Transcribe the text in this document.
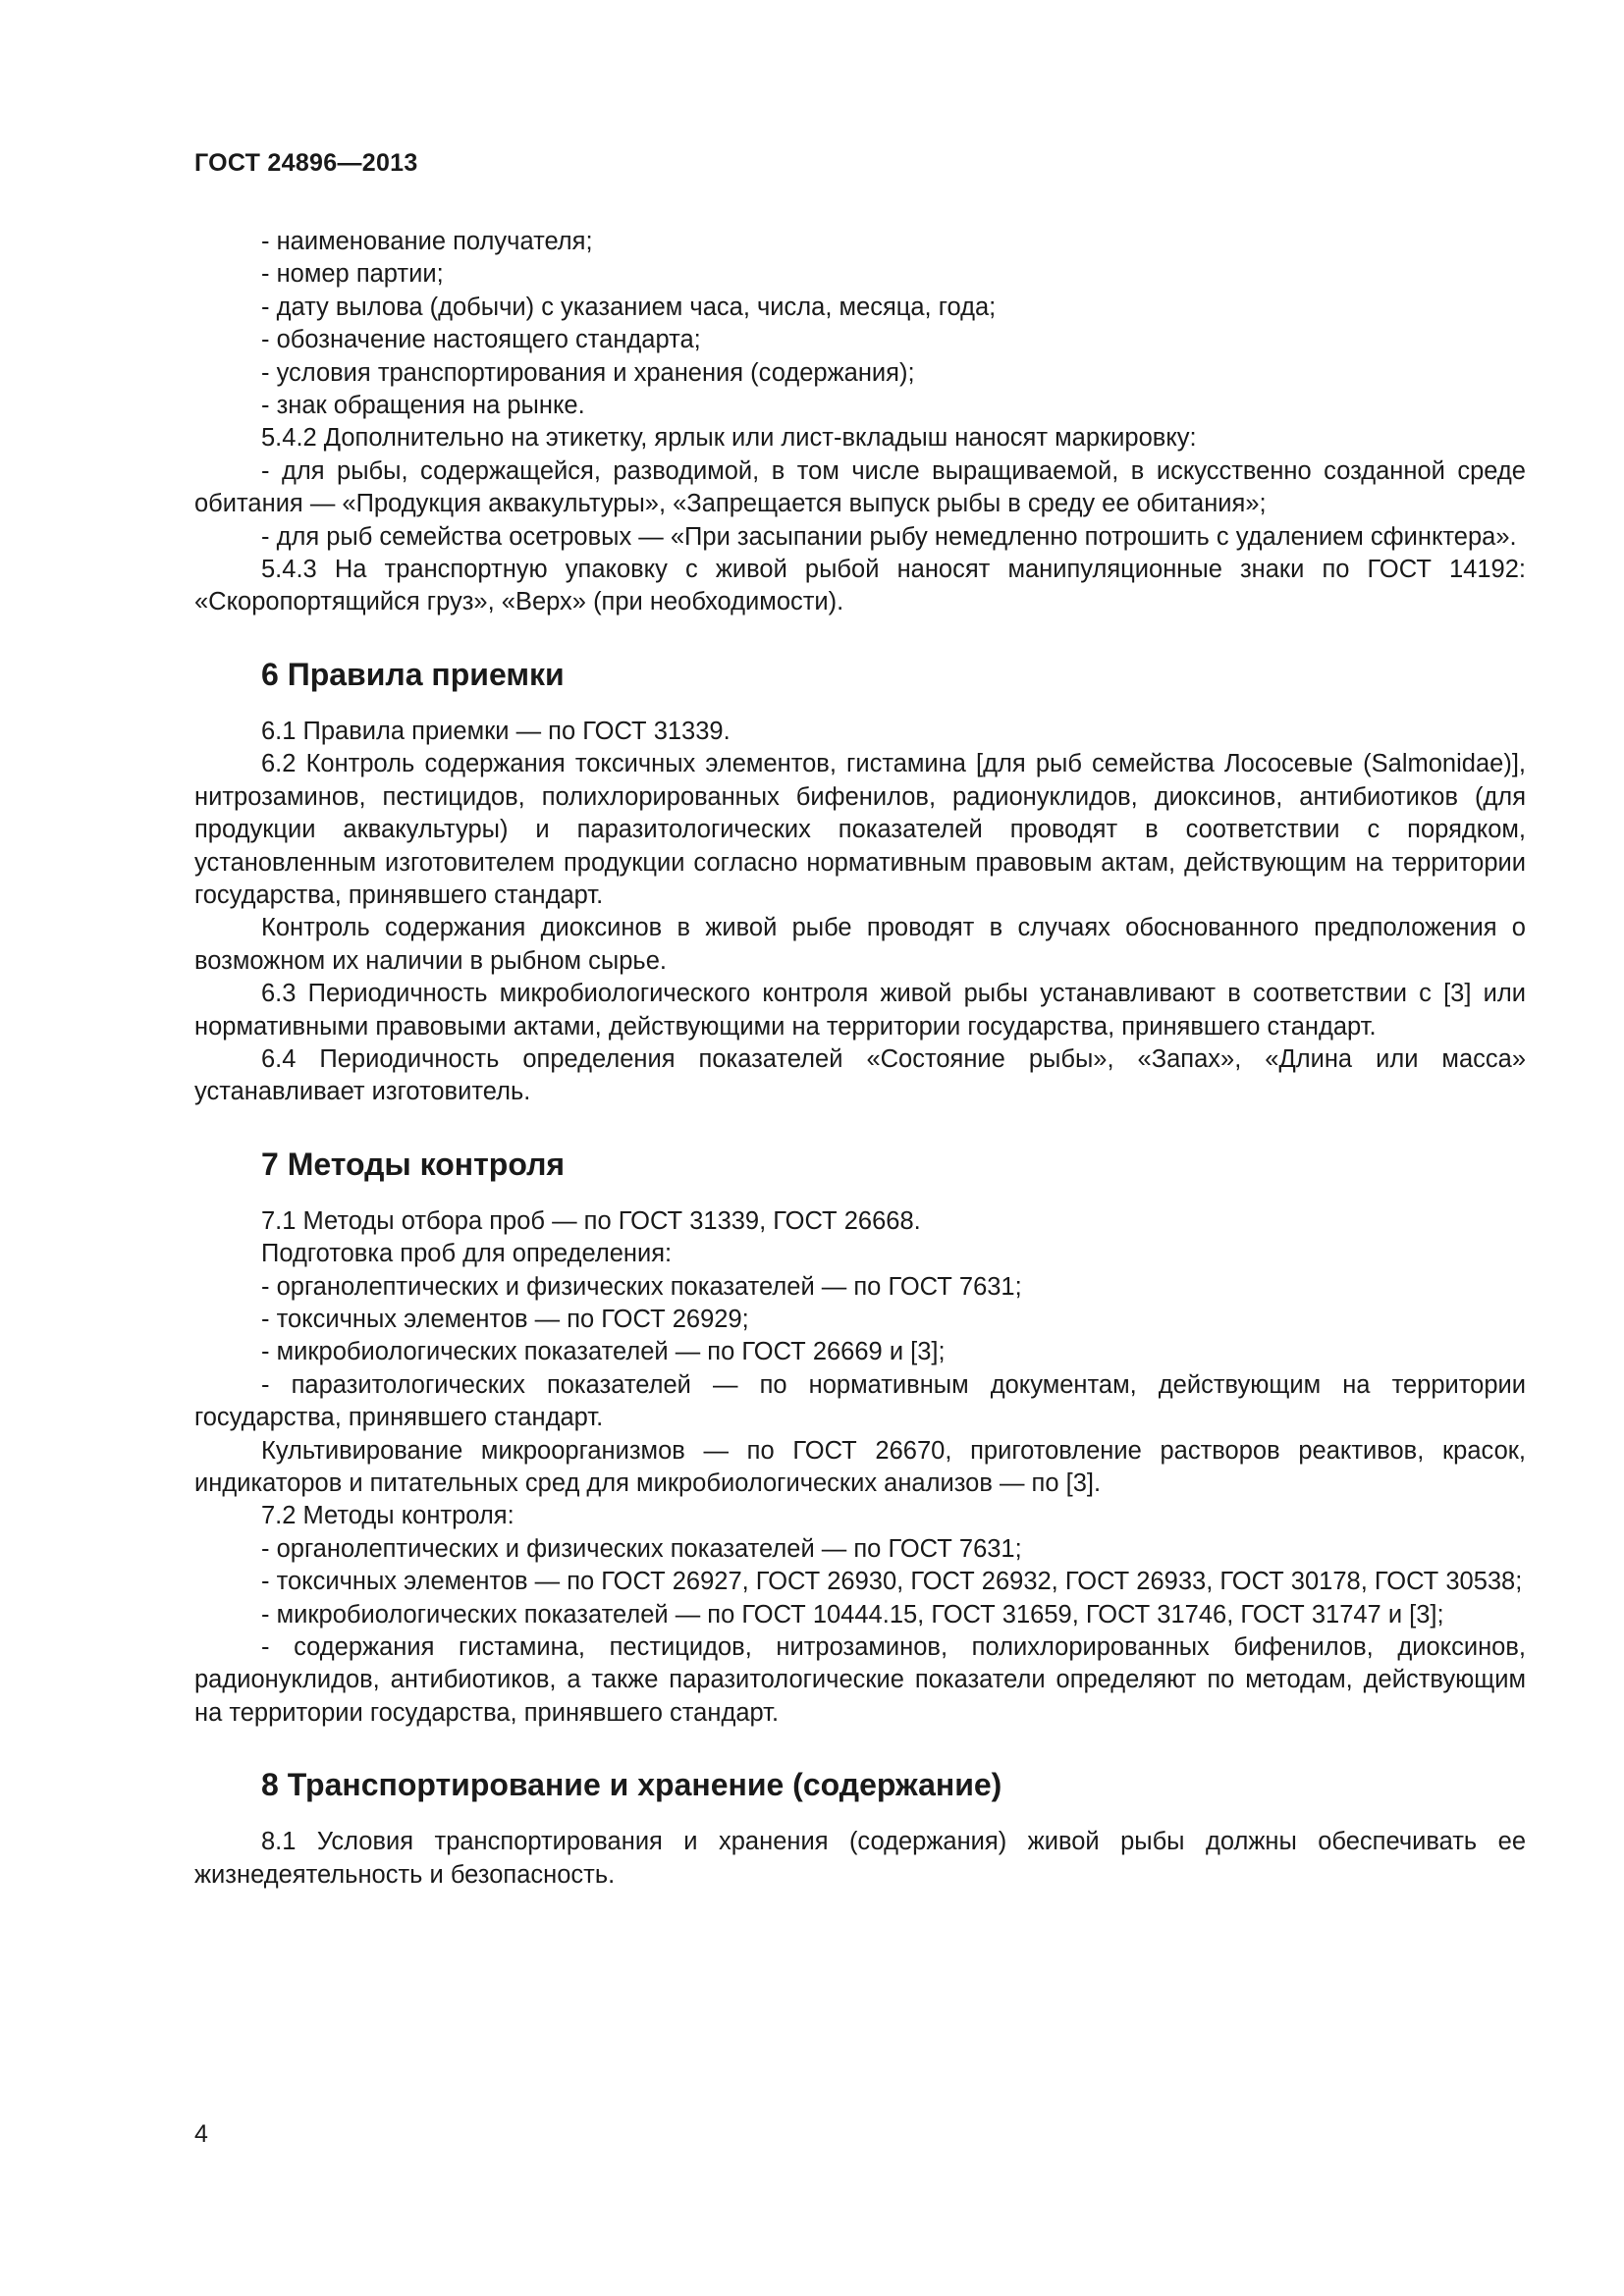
ГОСТ 24896—2013

- наименование получателя;

- номер партии;

- дату вылова (добычи) с указанием часа, числа, месяца, года;

- обозначение настоящего стандарта;

- условия транспортирования и хранения (содержания);

- знак обращения на рынке.

5.4.2 Дополнительно на этикетку, ярлык или лист-вкладыш наносят маркировку:

- для рыбы, содержащейся, разводимой, в том числе выращиваемой, в искусственно созданной среде обитания — «Продукция аквакультуры», «Запрещается выпуск рыбы в среду ее обитания»;

- для рыб семейства осетровых — «При засыпании рыбу немедленно потрошить с удалением сфинктера».

5.4.3 На транспортную упаковку с живой рыбой наносят манипуляционные знаки по ГОСТ 14192: «Скоропортящийся груз», «Верх» (при необходимости).

6 Правила приемки

6.1 Правила приемки — по ГОСТ 31339.

6.2 Контроль содержания токсичных элементов, гистамина [для рыб семейства Лососевые (Salmonidae)], нитрозаминов, пестицидов, полихлорированных бифенилов, радионуклидов, диоксинов, антибиотиков (для продукции аквакультуры) и паразитологических показателей проводят в соответствии с порядком, установленным изготовителем продукции согласно нормативным правовым актам, действующим на территории государства, принявшего стандарт.

Контроль содержания диоксинов в живой рыбе проводят в случаях обоснованного предположения о возможном их наличии в рыбном сырье.

6.3 Периодичность микробиологического контроля живой рыбы устанавливают в соответствии с [3] или нормативными правовыми актами, действующими на территории государства, принявшего стандарт.

6.4 Периодичность определения показателей «Состояние рыбы», «Запах», «Длина или масса» устанавливает изготовитель.

7 Методы контроля

7.1 Методы отбора проб — по ГОСТ 31339, ГОСТ 26668.

Подготовка проб для определения:

- органолептических и физических показателей — по ГОСТ 7631;

- токсичных элементов — по ГОСТ 26929;

- микробиологических показателей — по ГОСТ 26669 и [3];

- паразитологических показателей — по нормативным документам, действующим на территории государства, принявшего стандарт.

Культивирование микроорганизмов — по ГОСТ 26670, приготовление растворов реактивов, красок, индикаторов и питательных сред для микробиологических анализов — по [3].

7.2 Методы контроля:

- органолептических и физических показателей — по ГОСТ 7631;

- токсичных элементов — по ГОСТ 26927, ГОСТ 26930, ГОСТ 26932, ГОСТ 26933, ГОСТ 30178, ГОСТ 30538;

- микробиологических показателей — по ГОСТ 10444.15, ГОСТ 31659, ГОСТ 31746, ГОСТ 31747 и [3];

- содержания гистамина, пестицидов, нитрозаминов, полихлорированных бифенилов, диоксинов, радионуклидов, антибиотиков, а также паразитологические показатели определяют по методам, действующим на территории государства, принявшего стандарт.

8 Транспортирование и хранение (содержание)

8.1 Условия транспортирования и хранения (содержания) живой рыбы должны обеспечивать ее жизнедеятельность и безопасность.

4
